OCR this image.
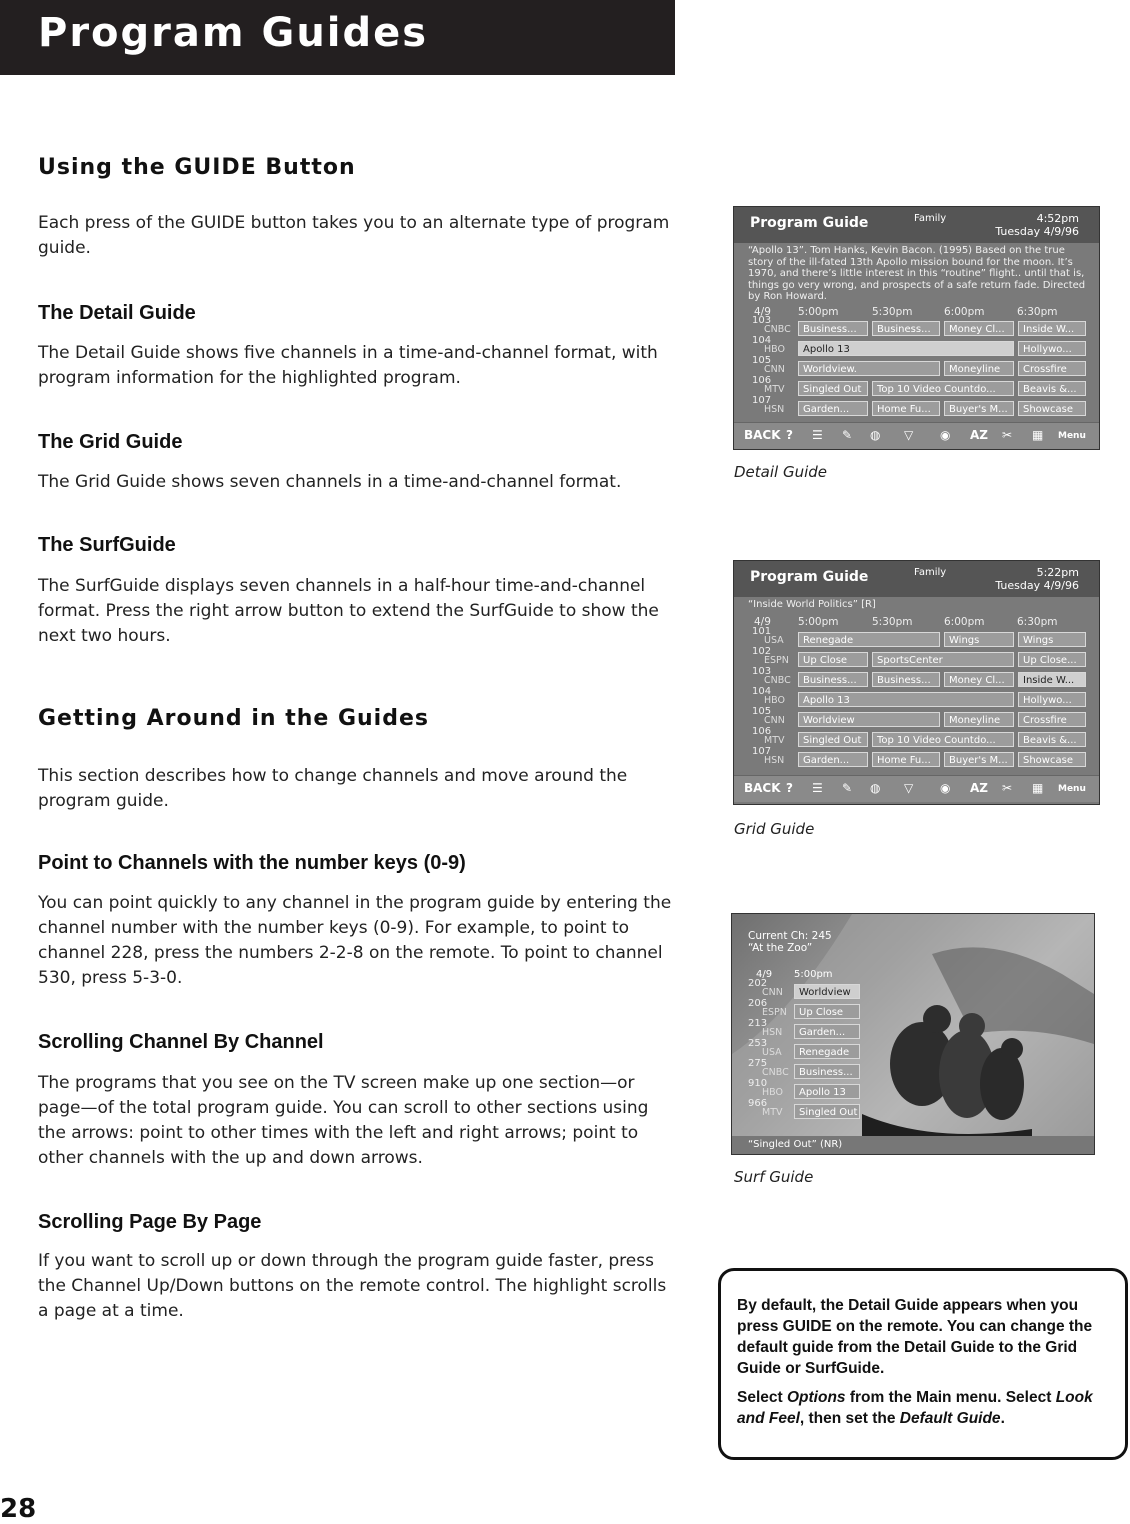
Program Guides
Using the GUIDE Button
Each press of the GUIDE button takes you to an alternate type of program guide.
The Detail Guide
The Detail Guide shows five channels in a time-and-channel format, with program information for the highlighted program.
The Grid Guide
The Grid Guide shows seven channels in a time-and-channel format.
The SurfGuide
The SurfGuide displays seven channels in a half-hour time-and-channel format. Press the right arrow button to extend the SurfGuide to show the next two hours.
Getting Around in the Guides
This section describes how to change channels and move around the program guide.
Point to Channels with the number keys (0-9)
You can point quickly to any channel in the program guide by entering the channel number with the number keys (0-9). For example, to point to channel 228, press the numbers 2-2-8 on the remote. To point to channel 530, press 5-3-0.
Scrolling Channel By Channel
The programs that you see on the TV screen make up one section—or page—of the total program guide. You can scroll to other sections using the arrows: point to other times with the left and right arrows; point to other channels with the up and down arrows.
Scrolling Page By Page
If you want to scroll up or down through the program guide faster, press the Channel Up/Down buttons on the remote control. The highlight scrolls a page at a time.
Program Guide	Family	4:52pm
Tuesday 4/9/96
“Apollo 13”. Tom Hanks, Kevin Bacon. (1995) Based on the true story of the ill-fated 13th Apollo mission bound for the moon. It’s 1970, and there’s little interest in this “routine” flight.. until that is, things go very wrong, and prospects of a safe return fade. Directed by Ron Howard.
4/9	5:00pm	5:30pm	6:00pm	6:30pm
103
CNBC	Business...	Business...	Money Cl...	Inside W...
104
HBO	Apollo 13	Hollywo...
105
CNN	Worldview.	Moneyline	Crossfire
106
MTV	Singled Out	Top 10 Video Countdo...	Beavis &...
107
HSN	Garden...	Home Fu...	Buyer's M...	Showcase
BACK ? ☰ ✎ ◍ ▽ ◉ AZ ✂ ▦ Menu
Detail Guide
Program Guide	Family	5:22pm
Tuesday 4/9/96
“Inside World Politics” [R]
4/9	5:00pm	5:30pm	6:00pm	6:30pm
101
USA	Renegade	Wings	Wings
102
ESPN	Up Close	SportsCenter	Up Close...
103
CNBC	Business...	Business...	Money Cl...	Inside W...
104
HBO	Apollo 13	Hollywo...
105
CNN	Worldview	Moneyline	Crossfire
106
MTV	Singled Out	Top 10 Video Countdo...	Beavis &...
107
HSN	Garden...	Home Fu...	Buyer's M...	Showcase
BACK ? ☰ ✎ ◍ ▽ ◉ AZ ✂ ▦ Menu
Grid Guide
Current Ch: 245
“At the Zoo”
4/9 5:00pm
202
CNN	Worldview
206
ESPN	Up Close
213
HSN	Garden...
253
USA	Renegade
275
CNBC	Business...
910
HBO	Apollo 13
966
MTV	Singled Out
“Singled Out” (NR)
Surf Guide

By default, the Detail Guide appears when you press GUIDE on the remote. You can change the default guide from the Detail Guide to the Grid Guide or SurfGuide.

Select Options from the Main menu. Select Look and Feel, then set the Default Guide.

28
